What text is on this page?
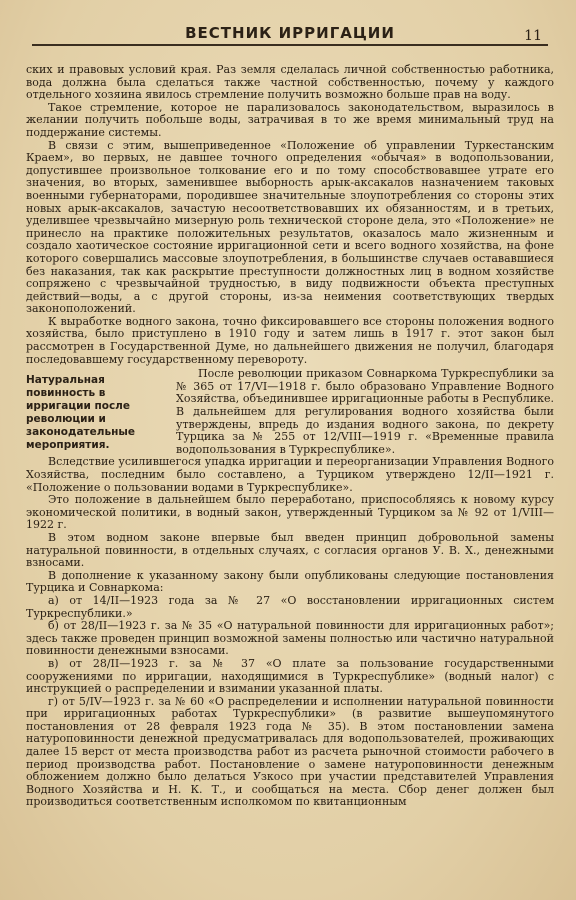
ВЕСТНИК ИРРИГАЦИИ	11

ских и правовых условий края. Раз земля сделалась личной собственностью работника, вода должна была сделаться также частной собственностью, почему у каждого отдельного хозяина явилось стремление получить возможно больше прав на воду.

Такое стремление, которое не парализовалось законодательством, выразилось в желании получить побольше воды, затрачивая в то же время минимальный труд на поддержание системы.

В связи с этим, вышеприведенное «Положение об управлении Туркестанским Краем», во первых, не давшее точного определения «обычая» в водопользовании, допустившее произвольное толкование его и по тому способствовавшее утрате его значения, во вторых, заменившее выборность арык-аксакалов назначением таковых военными губернаторами, породившее значительные злоупотребления со стороны этих новых арык-аксакалов, зачастую несоответствовавших их обязанностям, и в третьих, уделившее чрезвычайно мизерную роль технической стороне дела, это «Положение» не принесло на практике положительных результатов, оказалось мало жизненным и создало хаотическое состояние ирригационной сети и всего водного хозяйства, на фоне которого совершались массовые злоупотребления, в большинстве случаев остававшиеся без наказания, так как раскрытие преступности должностных лиц в водном хозяйстве сопряжено с чрезвычайной трудностью, в виду подвижности объекта преступных действий—воды, а с другой стороны, из-за неимения соответствующих твердых законоположений.

К выработке водного закона, точно фиксировавшего все стороны положения водного хозяйства, было приступлено в 1910 году и затем лишь в 1917 г. этот закон был рассмотрен в Государственной Думе, но дальнейшего движения не получил, благодаря последовавшему государственному перевороту.

Натуральная повинность в ирригации после революции и законодательные мероприятия.

После революции приказом Совнаркома Туркреспублики за № 365 от 17/VI—1918 г. было образовано Управление Водного Хозяйства, объединившее ирригационные работы в Республике. В дальнейшем для регулирования водного хозяйства были утверждены, впредь до издания водного закона, по декрету Турцика за № 255 от 12/VIII—1919 г. «Временные правила водопользования в Туркреспублике».

Вследствие усилившегося упадка ирригации и переорганизации Управления Водного Хозяйства, последним было составлено, а Турциком утверждено 12/II—1921 г. «Положение о пользовании водами в Туркреспублике».

Это положение в дальнейшем было переработано, приспособляясь к новому курсу экономической политики, в водный закон, утвержденный Турциком за № 92 от 1/VIII—1922 г.

В этом водном законе впервые был введен принцип добровольной замены натуральной повинности, в отдельных случаях, с согласия органов У. В. Х., денежными взносами.

В дополнение к указанному закону были опубликованы следующие постановления Турцика и Совнаркома:

а) от 14/II—1923 года за № 27 «О восстановлении ирригационных систем Туркреспублики.»

б) от 28/II—1923 г. за № 35 «О натуральной повинности для ирригационных работ»; здесь также проведен принцип возможной замены полностью или частично натуральной повинности денежными взносами.

в) от 28/II—1923 г. за № 37 «О плате за пользование государственными сооружениями по ирригации, находящимися в Туркреспублике» (водный налог) с инструкцией о распределении и взимании указанной платы.

г) от 5/IV—1923 г. за № 60 «О распределении и исполнении натуральной повинности при ирригационных работах Туркреспублики» (в развитие вышеупомянутого постановления от 28 февраля 1923 года № 35). В этом постановлении замена натуроповинности денежной предусматривалась для водопользователей, проживающих далее 15 верст от места производства работ из расчета рыночной стоимости рабочего в период производства работ. Постановление о замене натуроповинности денежным обложением должно было делаться Узкосо при участии представителей Управления Водного Хозяйства и Н. К. Т., и сообщаться на места. Сбор денег должен был производиться соответственным исполкомом по квитанционным
